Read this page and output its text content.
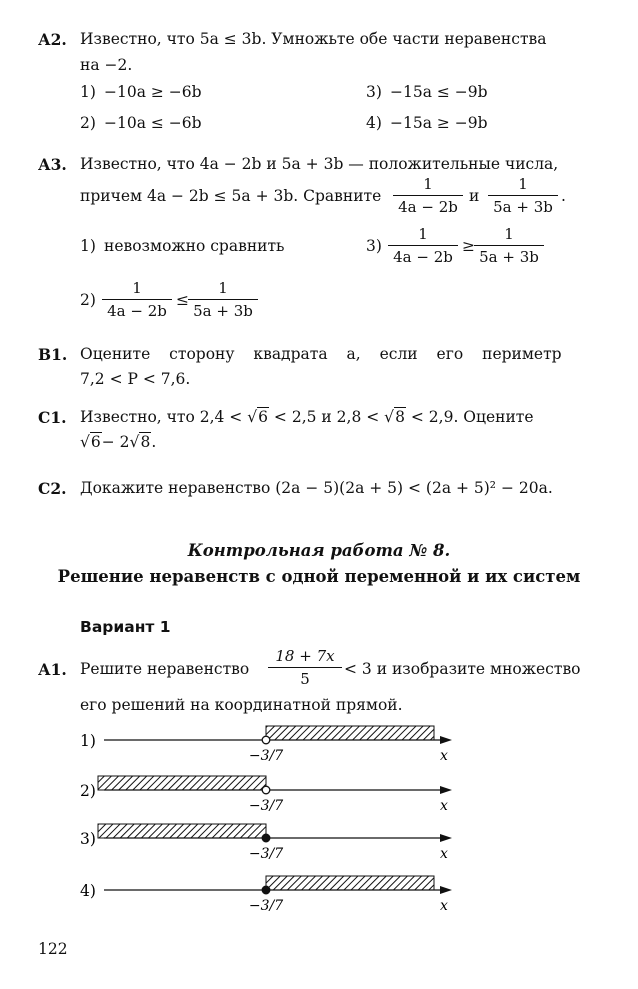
А2. Известно, что 5a ≤ 3b. Умножьте обе части неравенства
на −2.
1) −10a ≥ −6b
2) −10a ≤ −6b
3) −15a ≤ −9b
4) −15a ≥ −9b
А3. Известно, что 4a − 2b и 5a + 3b — положительные числа,
причем 4a − 2b ≤ 5a + 3b. Сравните $\frac{1}{4a - 2b}$ и $\frac{1}{5a + 3b}$ .
1) невозможно сравнить	$3) \frac{1}{4a - 2b} \ge \frac{1}{5a + 3b}$
$2) \frac{1}{4a - 2b} \le \frac{1}{5a + 3b}$
В1. Оцените сторону квадрата a, если его периметр
7,2 < P < 7,6.
С1. Известно, что 2,4 < √6 < 2,5 и 2,8 < √8 < 2,9. Оцените
√6− 2√8.
С2. Докажите неравенство (2a − 5)(2a + 5) < (2a + 5)² − 20a.
Контрольная работа № 8.
Решение неравенств с одной переменной и их систем
Вариант 1
А1. Решите неравенство $\frac{18 + 7x}{5} < 3$ и изобразите множество
его решений на координатной прямой.
1)
−3/7	x
2)
−3/7	x
3)
−3/7	x
4)
−3/7	x
122
